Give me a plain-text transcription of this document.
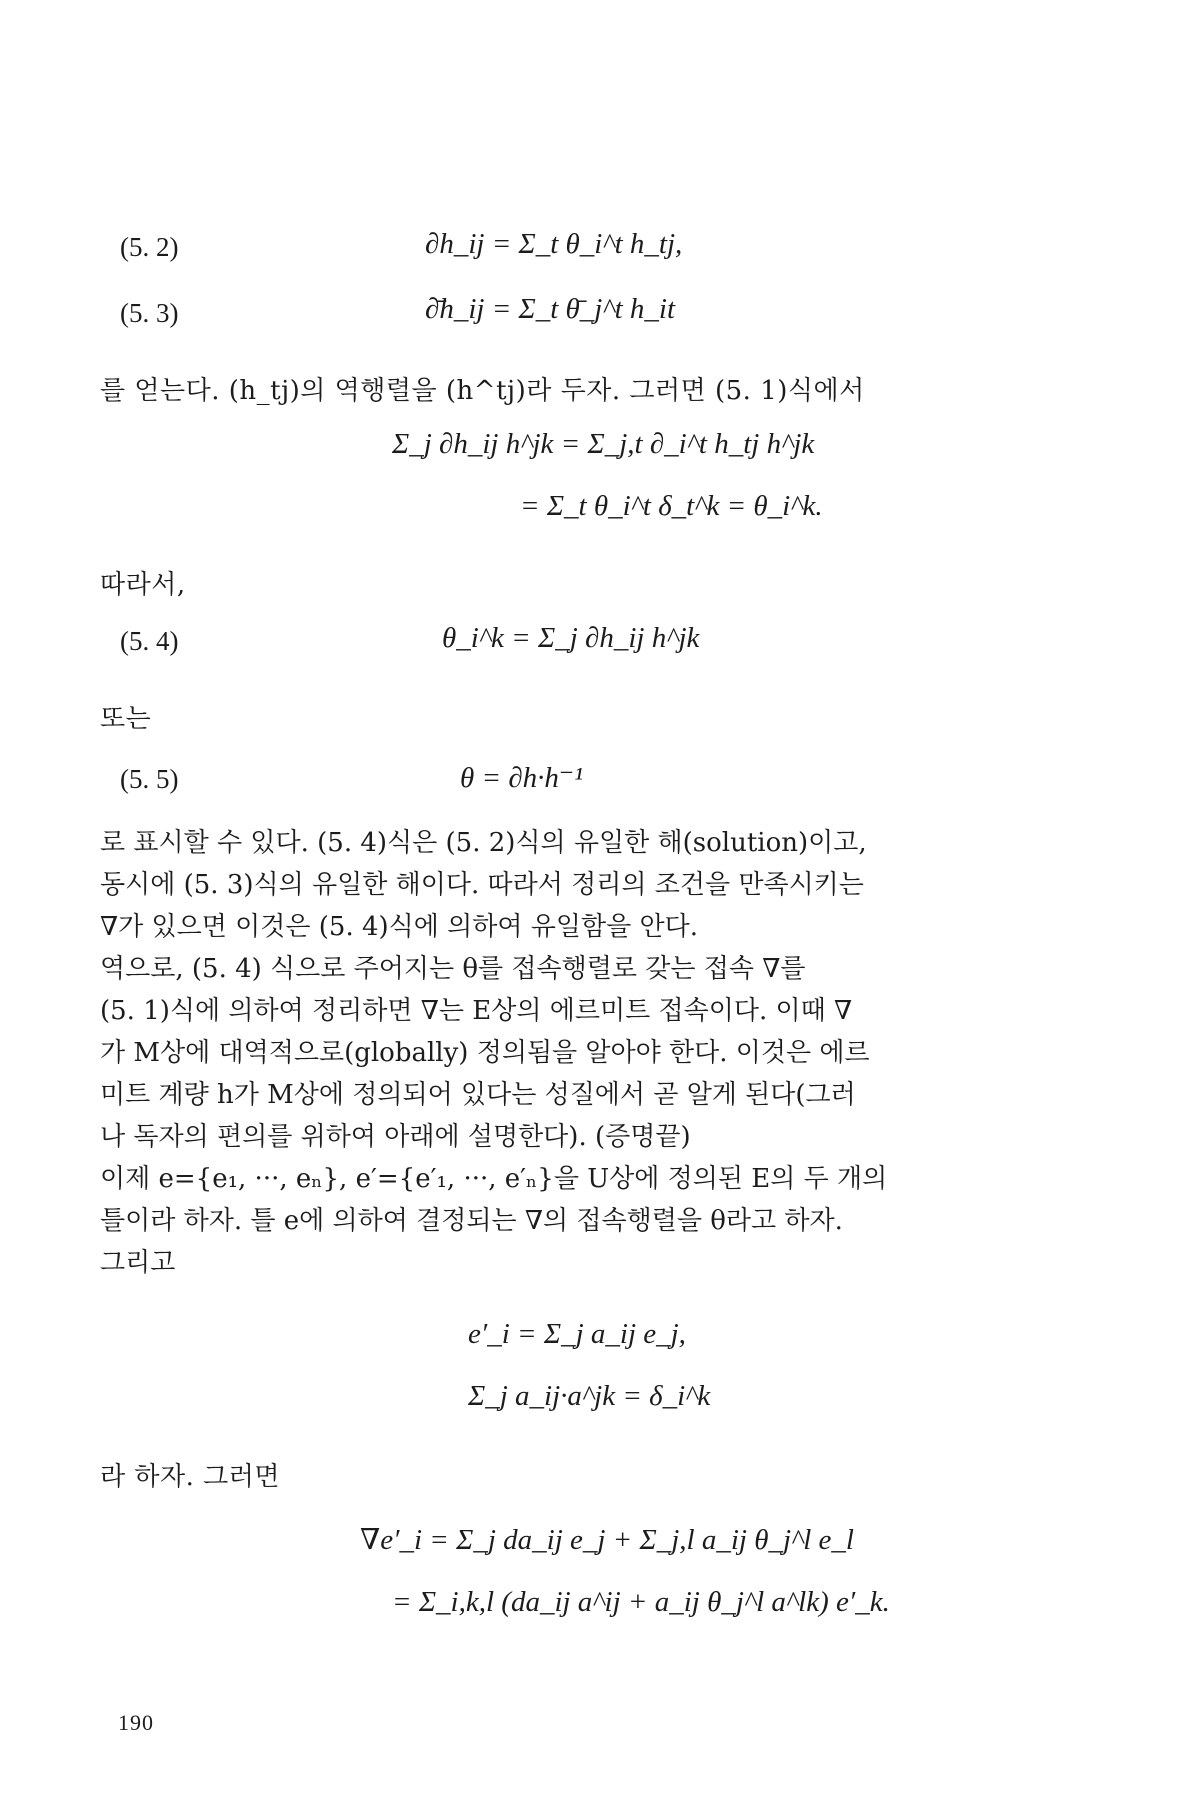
(5. 2)	∂h_ij = Σ_t θ_i^t h_tj,
(5. 3)	∂̄h_ij = Σ_t θ̄_j^t h_it
를 얻는다. (h_tj)의 역행렬을 (h^tj)라 두자. 그러면 (5. 1)식에서
Σ_j ∂h_ij h^jk = Σ_j,t ∂_i^t h_tj h^jk
= Σ_t θ_i^t δ_t^k = θ_i^k.
따라서,
(5. 4)	θ_i^k = Σ_j ∂h_ij h^jk
또는
(5. 5)	θ = ∂h·h⁻¹
로 표시할 수 있다. (5. 4)식은 (5. 2)식의 유일한 해(solution)이고,
동시에 (5. 3)식의 유일한 해이다. 따라서 정리의 조건을 만족시키는
∇가 있으면 이것은 (5. 4)식에 의하여 유일함을 안다.
역으로, (5. 4) 식으로 주어지는 θ를 접속행렬로 갖는 접속 ∇를
(5. 1)식에 의하여 정리하면 ∇는 E상의 에르미트 접속이다. 이때 ∇
가 M상에 대역적으로(globally) 정의됨을 알아야 한다. 이것은 에르
미트 계량 h가 M상에 정의되어 있다는 성질에서 곧 알게 된다(그러
나 독자의 편의를 위하여 아래에 설명한다). (증명끝)
이제 e={e₁, ···, eₙ}, e′={e′₁, ···, e′ₙ}을 U상에 정의된 E의 두 개의
틀이라 하자. 틀 e에 의하여 결정되는 ∇의 접속행렬을 θ라고 하자.
그리고
e′_i = Σ_j a_ij e_j,
Σ_j a_ij·a^jk = δ_i^k
라 하자. 그러면
∇e′_i = Σ_j da_ij e_j + Σ_j,l a_ij θ_j^l e_l
= Σ_i,k,l (da_ij a^ij + a_ij θ_j^l a^lk) e′_k.
190
